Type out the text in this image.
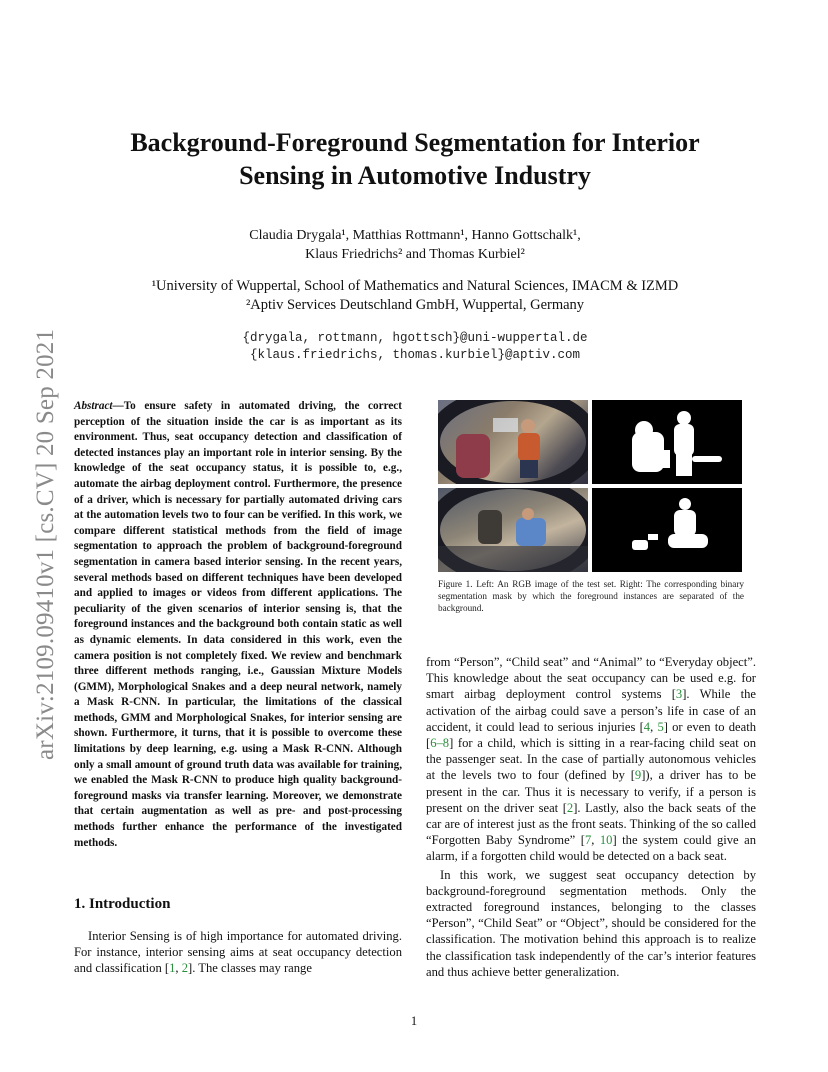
arXiv:2109.09410v1 [cs.CV] 20 Sep 2021
Background-Foreground Segmentation for Interior Sensing in Automotive Industry
Claudia Drygala¹, Matthias Rottmann¹, Hanno Gottschalk¹,
Klaus Friedrichs² and Thomas Kurbiel²
¹University of Wuppertal, School of Mathematics and Natural Sciences, IMACM & IZMD
²Aptiv Services Deutschland GmbH, Wuppertal, Germany
{drygala, rottmann, hgottsch}@uni-wuppertal.de
{klaus.friedrichs, thomas.kurbiel}@aptiv.com
Abstract—To ensure safety in automated driving, the correct perception of the situation inside the car is as important as its environment. Thus, seat occupancy detection and classification of detected instances play an important role in interior sensing. By the knowledge of the seat occupancy status, it is possible to, e.g., automate the airbag deployment control. Furthermore, the presence of a driver, which is necessary for partially automated driving cars at the automation levels two to four can be verified. In this work, we compare different statistical methods from the field of image segmentation to approach the problem of background-foreground segmentation in camera based interior sensing. In the recent years, several methods based on different techniques have been developed and applied to images or videos from different applications. The peculiarity of the given scenarios of interior sensing is, that the foreground instances and the background both contain static as well as dynamic elements. In data considered in this work, even the camera position is not completely fixed. We review and benchmark three different methods ranging, i.e., Gaussian Mixture Models (GMM), Morphological Snakes and a deep neural network, namely a Mask R-CNN. In particular, the limitations of the classical methods, GMM and Morphological Snakes, for interior sensing are shown. Furthermore, it turns, that it is possible to overcome these limitations by deep learning, e.g. using a Mask R-CNN. Although only a small amount of ground truth data was available for training, we enabled the Mask R-CNN to produce high quality background-foreground masks via transfer learning. Moreover, we demonstrate that certain augmentation as well as pre- and post-processing methods further enhance the performance of the investigated methods.
1. Introduction
Interior Sensing is of high importance for automated driving. For instance, interior sensing aims at seat occupancy detection and classification [1, 2]. The classes may range
Figure 1. Left: An RGB image of the test set. Right: The corresponding binary segmentation mask by which the foreground instances are separated of the background.

from “Person”, “Child seat” and “Animal” to “Everyday object”. This knowledge about the seat occupancy can be used e.g. for smart airbag deployment control systems [3]. While the activation of the airbag could save a person’s life in case of an accident, it could lead to serious injuries [4, 5] or even to death [6–8] for a child, which is sitting in a rear-facing child seat on the passenger seat. In the case of partially autonomous vehicles at the levels two to four (defined by [9]), a driver has to be present in the car. Thus it is necessary to verify, if a person is present on the driver seat [2]. Lastly, also the back seats of the car are of interest just as the front seats. Thinking of the so called “Forgotten Baby Syndrome” [7, 10] the system could give an alarm, if a forgotten child would be detected on a back seat.

In this work, we suggest seat occupancy detection by background-foreground segmentation methods. Only the extracted foreground instances, belonging to the classes “Person”, “Child Seat” or “Object”, should be considered for the classification. The motivation behind this approach is to realize the classification task independently of the car’s interior features and thus achieve better generalization.

1
